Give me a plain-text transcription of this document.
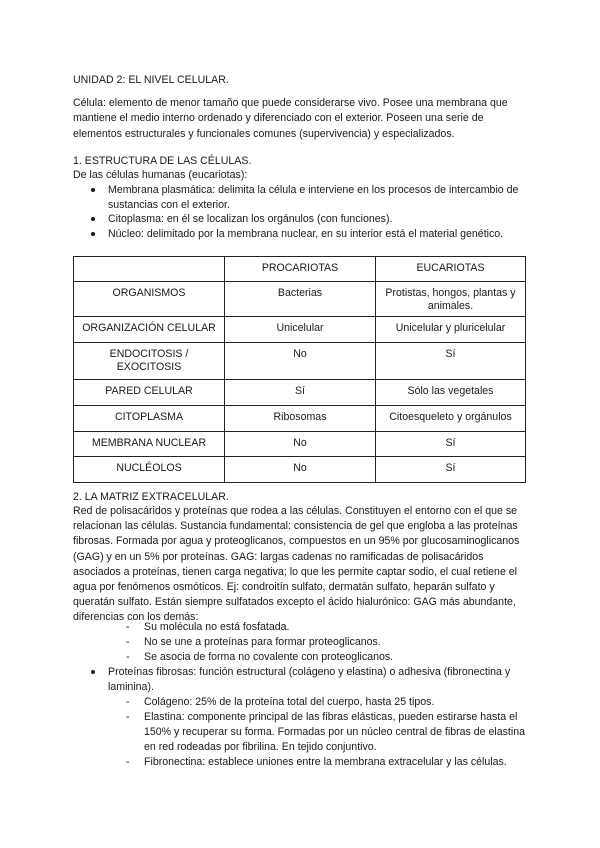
UNIDAD 2: EL NIVEL CELULAR.

Célula: elemento de menor tamaño que puede considerarse vivo. Posee una membrana que mantiene el medio interno ordenado y diferenciado con el exterior. Poseen una serie de elementos estructurales y funcionales comunes (supervivencia) y especializados.

1. ESTRUCTURA DE LAS CÉLULAS.
De las células humanas (eucariotas):
Membrana plasmática: delimita la célula e interviene en los procesos de intercambio de sustancias con el exterior.
Citoplasma: en él se localizan los orgánulos (con funciones).
Núcleo: delimitado por la membrana nuclear, en su interior está el material genético.
	PROCARIOTAS	EUCARIOTAS
ORGANISMOS	Bacterias	Protistas, hongos, plantas y animales.
ORGANIZACIÓN CELULAR	Unicelular	Unicelular y pluricelular
ENDOCITOSIS / EXOCITOSIS	No	Sí
PARED CELULAR	Sí	Sólo las vegetales
CITOPLASMA	Ribosomas	Citoesqueleto y orgánulos
MEMBRANA NUCLEAR	No	Sí
NUCLÉOLOS	No	Sí
2. LA MATRIZ EXTRACELULAR.

Red de polisacáridos y proteínas que rodea a las células. Constituyen el entorno con el que se relacionan las células. Sustancia fundamental: consistencia de gel que engloba a las proteínas fibrosas. Formada por agua y proteoglicanos, compuestos en un 95% por glucosaminoglicanos (GAG) y en un 5% por proteínas. GAG: largas cadenas no ramificadas de polisacáridos asociados a proteínas, tienen carga negativa; lo que les permite captar sodio, el cual retiene el agua por fenómenos osmóticos. Ej: condroitín sulfato, dermatán sulfato, heparán sulfato y queratán sulfato. Están siempre sulfatados excepto el ácido hialurónico: GAG más abundante, diferencias con los demás:

- Su molécula no está fosfatada.
- No se une a proteínas para formar proteoglicanos.
- Se asocia de forma no covalente con proteoglicanos.
Proteínas fibrosas: función estructural (colágeno y elastina) o adhesiva (fibronectina y laminina).
- Colágeno: 25% de la proteína total del cuerpo, hasta 25 tipos.
- Elastina: componente principal de las fibras elásticas, pueden estirarse hasta el 150% y recuperar su forma. Formadas por un núcleo central de fibras de elastina en red rodeadas por fibrilina. En tejido conjuntivo.
- Fibronectina: establece uniones entre la membrana extracelular y las células.
